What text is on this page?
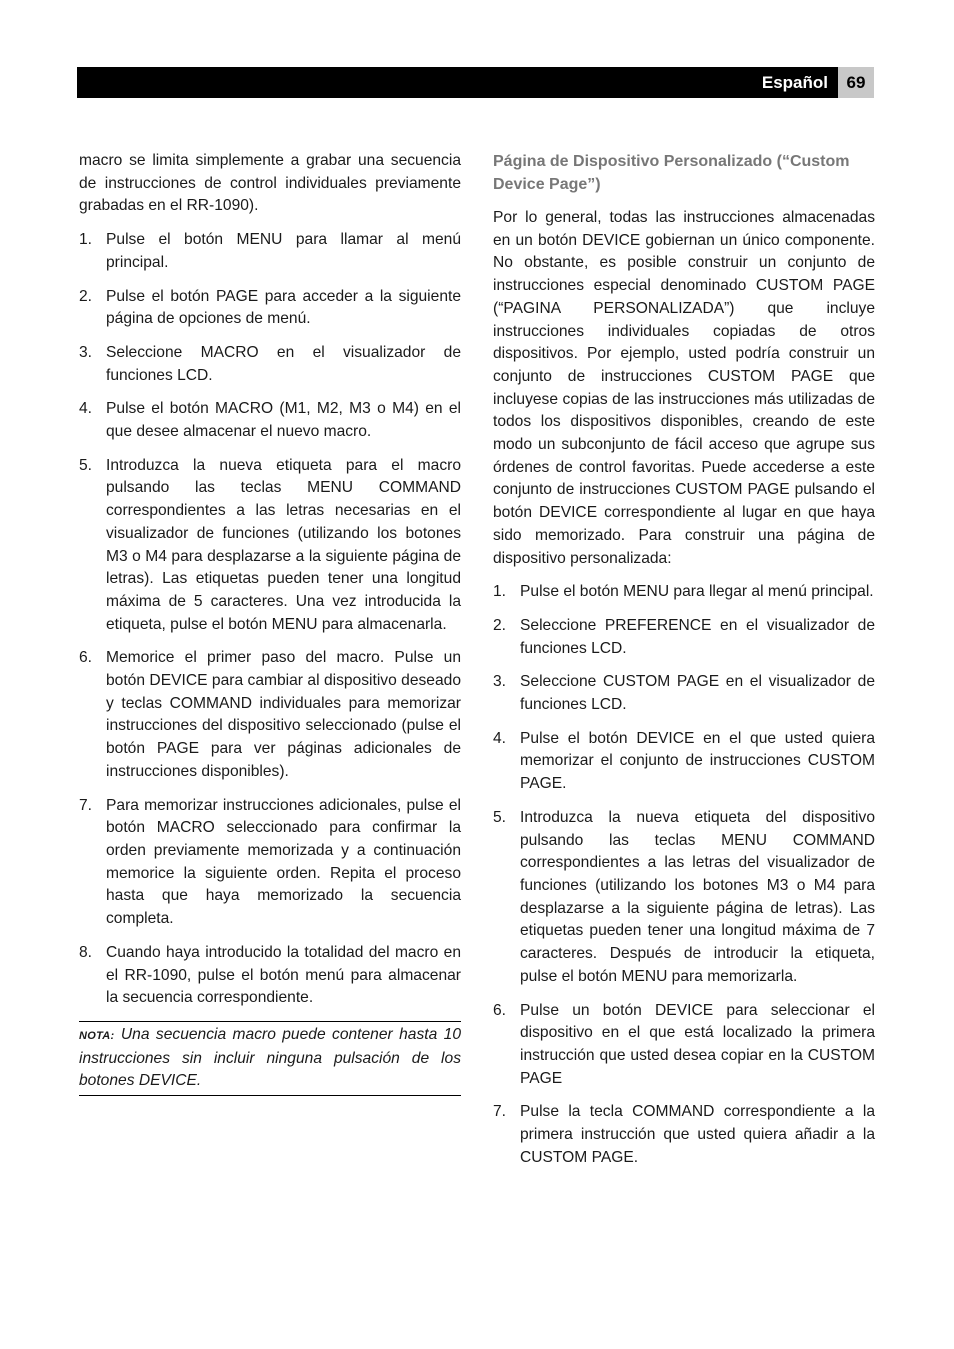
Español	69

macro se limita simplemente a grabar una secuencia de instrucciones de control individuales previamente grabadas en el RR-1090).

1. Pulse el botón MENU para llamar al menú principal.
2. Pulse el botón PAGE para acceder a la siguiente página de opciones de menú.
3. Seleccione MACRO en el visualizador de funciones LCD.
4. Pulse el botón MACRO (M1, M2, M3 o M4) en el que desee almacenar el nuevo macro.
5. Introduzca la nueva etiqueta para el macro pulsando las teclas MENU COMMAND correspondientes a las letras necesarias en el visualizador de funciones (utilizando los botones M3 o M4 para desplazarse a la siguiente página de letras). Las etiquetas pueden tener una longitud máxima de 5 caracteres. Una vez introducida la etiqueta, pulse el botón MENU para almacenarla.
6. Memorice el primer paso del macro. Pulse un botón DEVICE para cambiar al dispositivo deseado y teclas COMMAND individuales para memorizar instrucciones del dispositivo seleccionado (pulse el botón PAGE para ver páginas adicionales de instrucciones disponibles).
7. Para memorizar instrucciones adicionales, pulse el botón MACRO seleccionado para confirmar la orden previamente memorizada y a continuación memorice la siguiente orden. Repita el proceso hasta que haya memorizado la secuencia completa.
8. Cuando haya introducido la totalidad del macro en el RR-1090, pulse el botón menú para almacenar la secuencia correspondiente.
NOTA: Una secuencia macro puede contener hasta 10 instrucciones sin incluir ninguna pulsación de los botones DEVICE.
Página de Dispositivo Personalizado (“Custom Device Page”)

Por lo general, todas las instrucciones almacenadas en un botón DEVICE gobiernan un único componente. No obstante, es posible construir un conjunto de instrucciones especial denominado CUSTOM PAGE (“PAGINA PERSONALIZADA”) que incluye instrucciones individuales copiadas de otros dispositivos. Por ejemplo, usted podría construir un conjunto de instrucciones CUSTOM PAGE que incluyese copias de las instrucciones más utilizadas de todos los dispositivos disponibles, creando de este modo un subconjunto de fácil acceso que agrupe sus órdenes de control favoritas. Puede accederse a este conjunto de instrucciones CUSTOM PAGE pulsando el botón DEVICE correspondiente al lugar en que haya sido memorizado. Para construir una página de dispositivo personalizada:

1. Pulse el botón MENU para llegar al menú principal.
2. Seleccione PREFERENCE en el visualizador de funciones LCD.
3. Seleccione CUSTOM PAGE en el visualizador de funciones LCD.
4. Pulse el botón DEVICE en el que usted quiera memorizar el conjunto de instrucciones CUSTOM PAGE.
5. Introduzca la nueva etiqueta del dispositivo pulsando las teclas MENU COMMAND correspondientes a las letras del visualizador de funciones (utilizando los botones M3 o M4 para desplazarse a la siguiente página de letras). Las etiquetas pueden tener una longitud máxima de 7 caracteres. Después de introducir la etiqueta, pulse el botón MENU para memorizarla.
6. Pulse un botón DEVICE para seleccionar el dispositivo en el que está localizado la primera instrucción que usted desea copiar en la CUSTOM PAGE
7. Pulse la tecla COMMAND correspondiente a la primera instrucción que usted quiera añadir a la CUSTOM PAGE.
